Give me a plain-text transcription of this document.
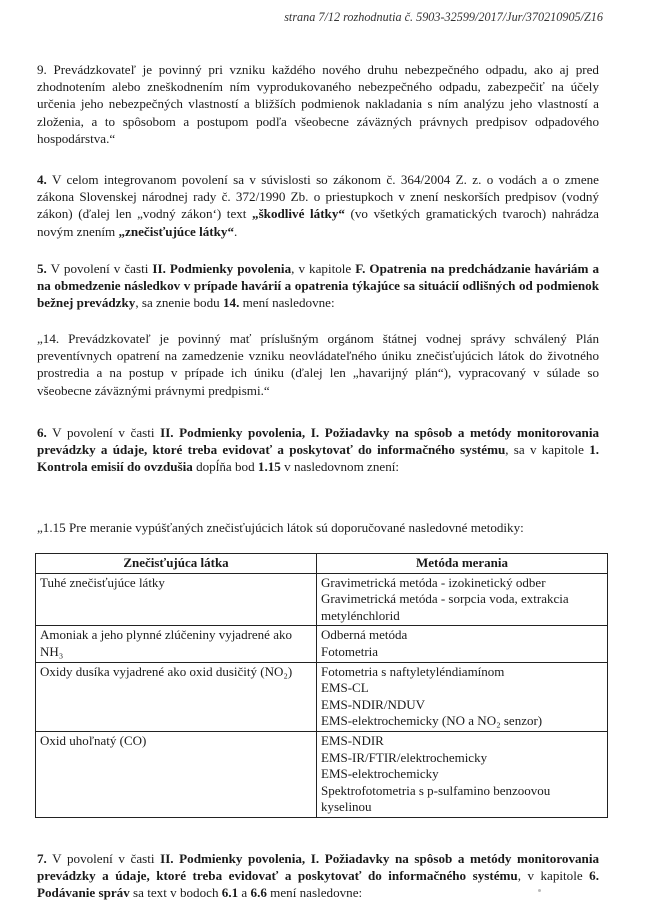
strana 7/12 rozhodnutia č. 5903-32599/2017/Jur/370210905/Z16
9. Prevádzkovateľ je povinný pri vzniku každého nového druhu nebezpečného odpadu, ako aj pred zhodnotením alebo zneškodnením ním vyprodukovaného nebezpečného odpadu, zabezpečiť na účely určenia jeho nebezpečných vlastností a bližších podmienok nakladania s ním analýzu jeho vlastností a zloženia, a to spôsobom a postupom podľa všeobecne záväzných právnych predpisov odpadového hospodárstva.“
4. V celom integrovanom povolení sa v súvislosti so zákonom č. 364/2004 Z. z. o vodách a o zmene zákona Slovenskej národnej rady č. 372/1990 Zb. o priestupkoch v znení neskorších predpisov (vodný zákon) (ďalej len „vodný zákon‘) text „škodlivé látky“ (vo všetkých gramatických tvaroch) nahrádza novým znením „znečisťujúce látky“.
5. V povolení v časti II. Podmienky povolenia, v kapitole F. Opatrenia na predchádzanie haváriám a na obmedzenie následkov v prípade havárií a opatrenia týkajúce sa situácií odlišných od podmienok bežnej prevádzky, sa znenie bodu 14. mení nasledovne:
„14. Prevádzkovateľ je povinný mať príslušným orgánom štátnej vodnej správy schválený Plán preventívnych opatrení na zamedzenie vzniku neovládateľného úniku znečisťujúcich látok do životného prostredia a na postup v prípade ich úniku (ďalej len „havarijný plán“), vypracovaný v súlade so všeobecne záväznými právnymi predpismi.“
6. V povolení v časti II. Podmienky povolenia, I. Požiadavky na spôsob a metódy monitorovania prevádzky a údaje, ktoré treba evidovať a poskytovať do informačného systému, sa v kapitole 1. Kontrola emisií do ovzdušia dopĺňa bod 1.15 v nasledovnom znení:
„1.15 Pre meranie vypúšťaných znečisťujúcich látok sú doporučované nasledovné metodiky:
Znečisťujúca látka	Metóda merania
Tuhé znečisťujúce látky	Gravimetrická metóda - izokinetický odber
Gravimetrická metóda - sorpcia voda, extrakcia metylénchlorid

Amoniak a jeho plynné zlúčeniny vyjadrené ako NH₃	Odberná metóda
Fotometria

Oxidy dusíka vyjadrené ako oxid dusičitý (NO₂)	Fotometria s naftyletyléndiamínom
EMS-CL
EMS-NDIR/NDUV
EMS-elektrochemicky (NO a NO₂ senzor)

Oxid uhoľnatý (CO)	EMS-NDIR
EMS-IR/FTIR/elektrochemicky
EMS-elektrochemicky
Spektrofotometria s p-sulfamino benzoovou kyselinou
7. V povolení v časti II. Podmienky povolenia, I. Požiadavky na spôsob a metódy monitorovania prevádzky a údaje, ktoré treba evidovať a poskytovať do informačného systému, v kapitole 6. Podávanie správ sa text v bodoch 6.1 a 6.6 mení nasledovne:
